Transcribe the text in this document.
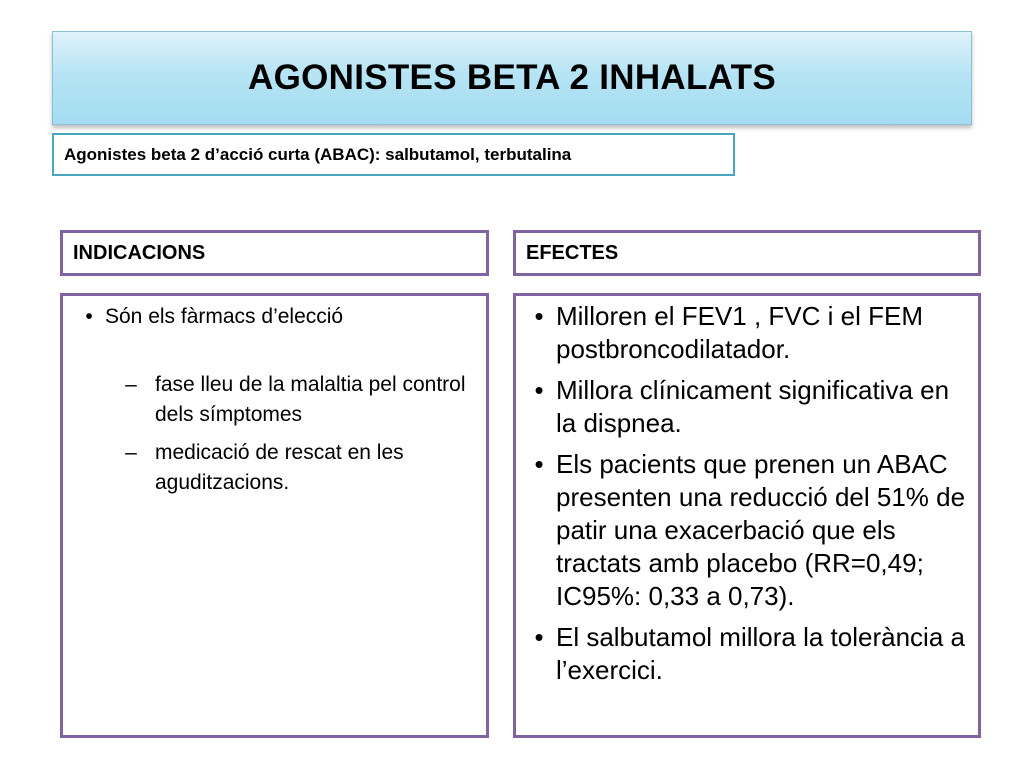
AGONISTES BETA 2 INHALATS
Agonistes beta 2 d’acció curta (ABAC): salbutamol, terbutalina
INDICACIONS	EFECTES
• Són els fàrmacs d’elecció
– fase lleu de la malaltia pel control dels símptomes
– medicació de rescat en les aguditzacions.
• Milloren el FEV1 , FVC i el FEM postbroncodilatador.
• Millora clínicament significativa en la dispnea.
• Els pacients que prenen un ABAC presenten una reducció del 51% de patir una exacerbació que els tractats amb placebo (RR=0,49; IC95%: 0,33 a 0,73).
• El salbutamol millora la tolerància a l’exercici.
